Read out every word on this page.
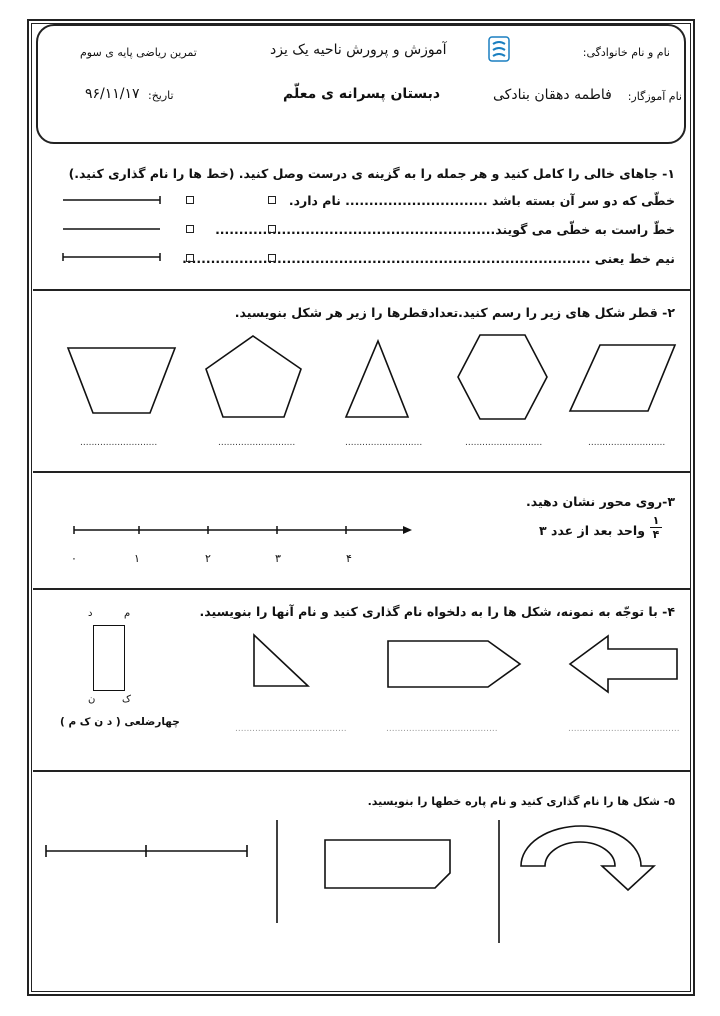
نام و نام خانوادگی:
آموزش و پرورش ناحیه یک یزد
تمرین ریاضی پایه ی سوم
نام آموزگار:
فاطمه دهقان بنادکی
دبستان پسرانه ی معلّم
تاریخ:
۹۶/۱۱/۱۷
۱- جاهای خالی را کامل کنید و هر جمله را به گزینه ی درست وصل کنید. (خط ها را نام گذاری کنید.)
خطّی که دو سر آن بسته باشد .............................. نام دارد.
خطّ راست به خطّی می گویند...........................................................
نیم خط یعنی ......................................................................................
۲- قطر شکل های زیر را رسم کنید.تعدادقطرها را زیر هر شکل بنویسید.
...........................	...........................	...........................	...........................	...........................
۳-روی محور نشان دهید.
۱
۴
واحد بعد از عدد ۳
۰	۱	۲	۳	۴
۴- با توجّه به نمونه، شکل ها را به دلخواه نام گذاری کنید و نام آنها را بنویسید.
د	م
ن	ک
چهارضلعی ( د ن ک م )
.......................................	.......................................	.......................................
۵- شکل ها را نام گذاری کنید و نام پاره خطها را بنویسید.
